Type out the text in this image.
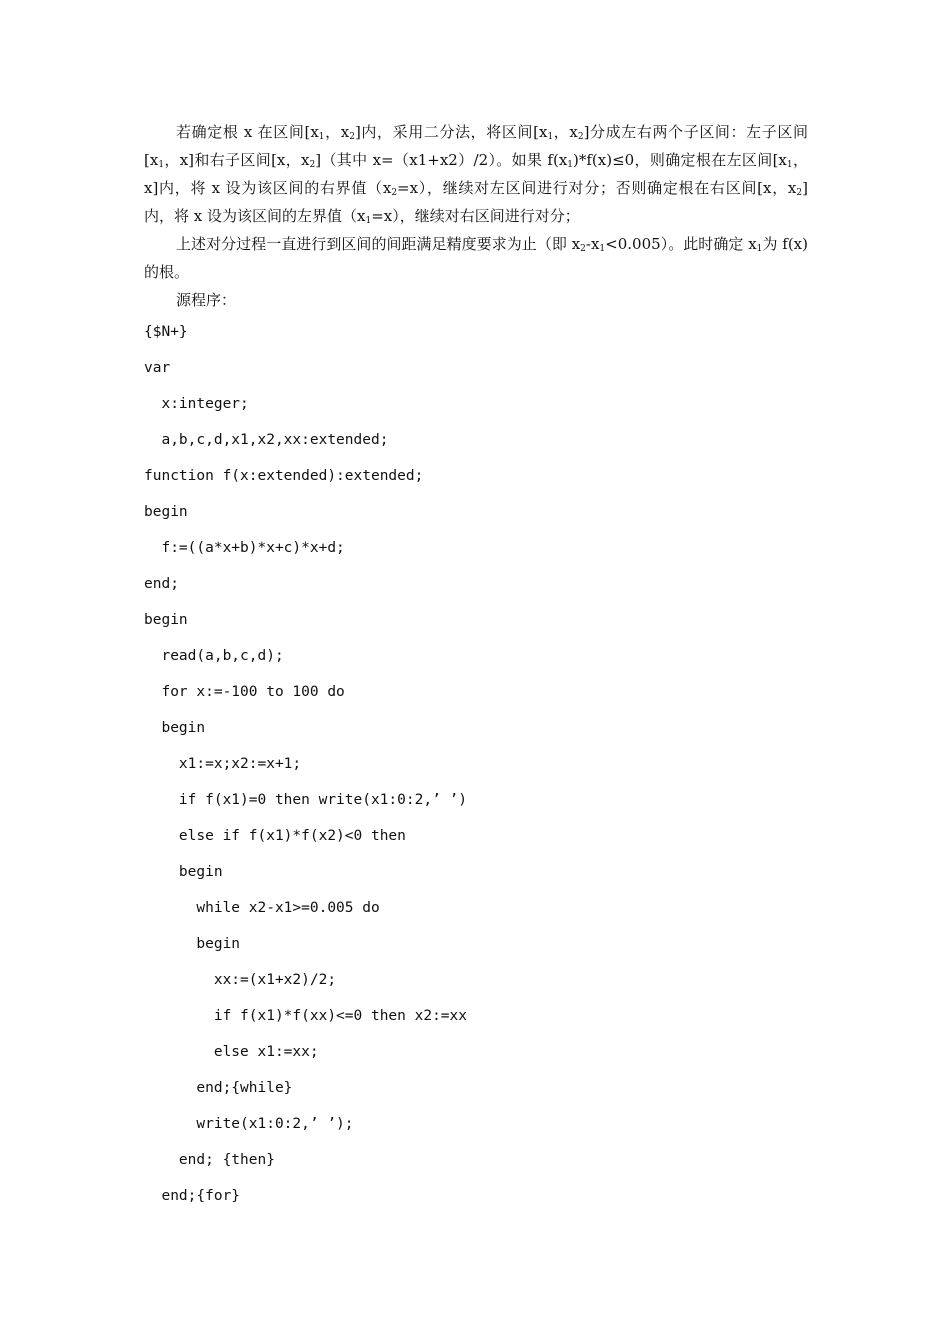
若确定根 x 在区间[$x_1$，$x_2$]内，采用二分法，将区间[$x_1$，$x_2$]分成左右两个子区间：左子区间[$x_1$，x]和右子区间[x，$x_2$]（其中 x=（x1+x2）/2）。如果 $f(x_1)*f(x)\le 0$，则确定根在左区间[$x_1$，x]内，将 x 设为该区间的右界值$(x_2=x)$，继续对左区间进行对分；否则确定根在右区间[x，$x_2$]内，将 x 设为该区间的左界值$(x_1=x)$，继续对右区间进行对分；

上述对分过程一直进行到区间的间距满足精度要求为止（即 $x_2-x_1<0.005$）。此时确定 $x_1$为 f(x)的根。

源程序：

{$N+}
var
x:integer;
a,b,c,d,x1,x2,xx:extended;
function f(x:extended):extended;
begin
f:=((a*x+b)*x+c)*x+d;
end;
begin
read(a,b,c,d);
for x:=-100 to 100 do
begin
x1:=x;x2:=x+1;
if f(x1)=0 then write(x1:0:2,’ ’)
else if f(x1)*f(x2)<0 then
begin
while x2-x1>=0.005 do
begin
xx:=(x1+x2)/2;
if f(x1)*f(xx)<=0 then x2:=xx
else x1:=xx;
end;{while}
write(x1:0:2,’ ’);
end; {then}
end;{for}
